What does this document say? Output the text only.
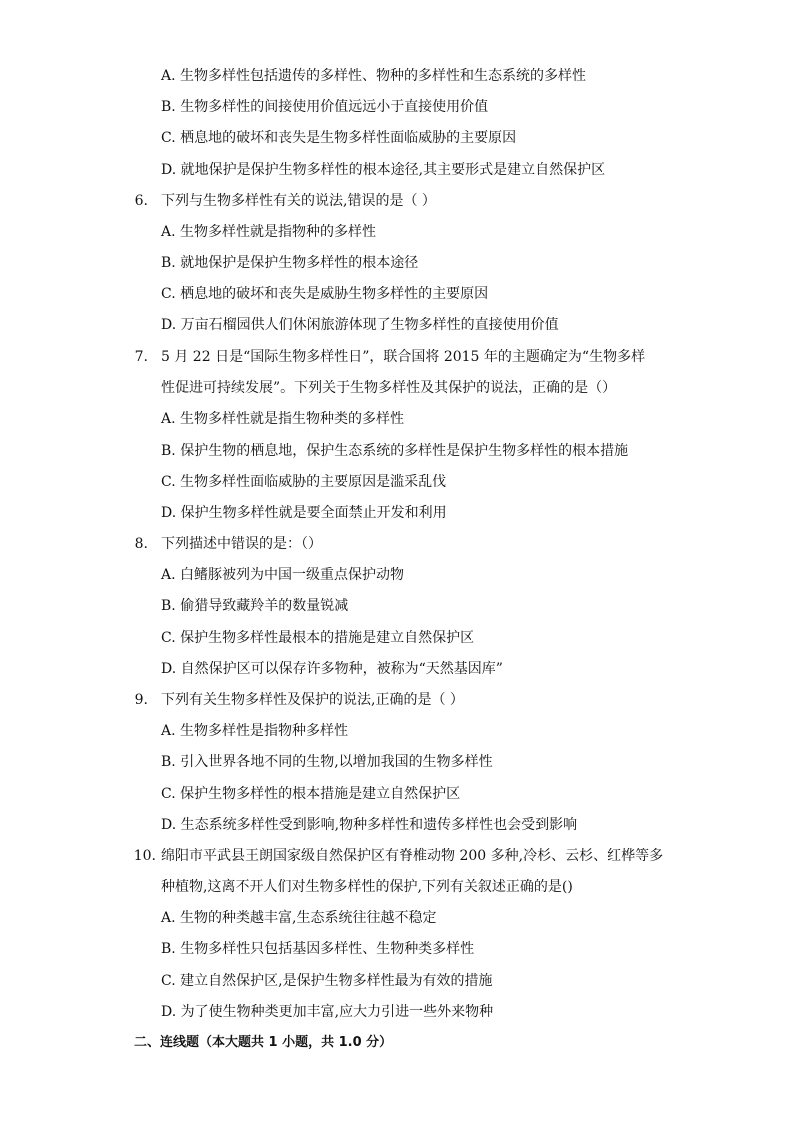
A. 生物多样性包括遗传的多样性、物种的多样性和生态系统的多样性
B. 生物多样性的间接使用价值远远小于直接使用价值
C. 栖息地的破坏和丧失是生物多样性面临威胁的主要原因
D. 就地保护是保护生物多样性的根本途径,其主要形式是建立自然保护区
6. 下列与生物多样性有关的说法,错误的是（ ）
A. 生物多样性就是指物种的多样性
B. 就地保护是保护生物多样性的根本途径
C. 栖息地的破坏和丧失是威胁生物多样性的主要原因
D. 万亩石榴园供人们休闲旅游体现了生物多样性的直接使用价值
7. 5 月 22 日是“国际生物多样性日”，联合国将 2015 年的主题确定为“生物多样
性促进可持续发展”。下列关于生物多样性及其保护的说法，正确的是（）
A. 生物多样性就是指生物种类的多样性
B. 保护生物的栖息地，保护生态系统的多样性是保护生物多样性的根本措施
C. 生物多样性面临威胁的主要原因是滥采乱伐
D. 保护生物多样性就是要全面禁止开发和利用
8. 下列描述中错误的是：（）
A. 白鳍豚被列为中国一级重点保护动物
B. 偷猎导致藏羚羊的数量锐减
C. 保护生物多样性最根本的措施是建立自然保护区
D. 自然保护区可以保存许多物种，被称为“天然基因库”
9. 下列有关生物多样性及保护的说法,正确的是（ ）
A. 生物多样性是指物种多样性
B. 引入世界各地不同的生物,以增加我国的生物多样性
C. 保护生物多样性的根本措施是建立自然保护区
D. 生态系统多样性受到影响,物种多样性和遗传多样性也会受到影响
10. 绵阳市平武县王朗国家级自然保护区有脊椎动物 200 多种,冷杉、云杉、红桦等多
种植物,这离不开人们对生物多样性的保护,下列有关叙述正确的是()
A. 生物的种类越丰富,生态系统往往越不稳定
B. 生物多样性只包括基因多样性、生物种类多样性
C. 建立自然保护区,是保护生物多样性最为有效的措施
D. 为了使生物种类更加丰富,应大力引进一些外来物种
二、连线题（本大题共 1 小题，共 1.0 分）
